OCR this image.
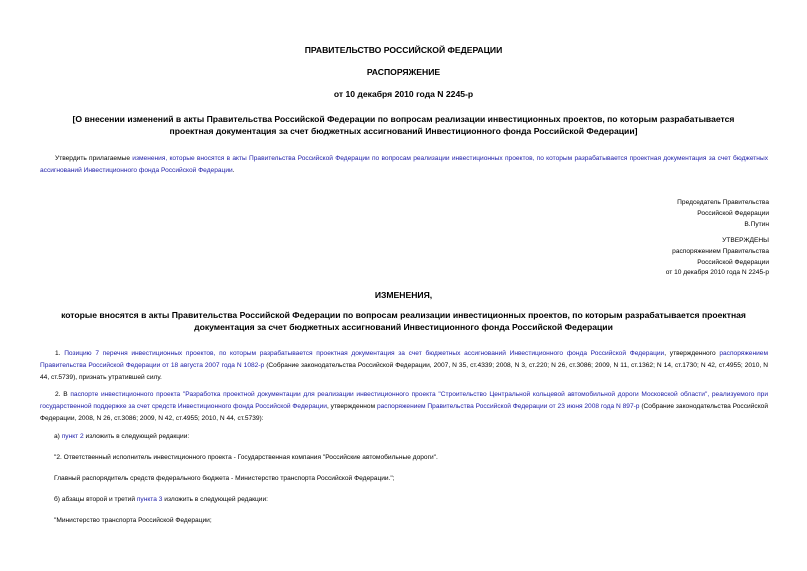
ПРАВИТЕЛЬСТВО РОССИЙСКОЙ ФЕДЕРАЦИИ
РАСПОРЯЖЕНИЕ
от 10 декабря 2010 года N 2245-р
[О внесении изменений в акты Правительства Российской Федерации по вопросам реализации инвестиционных проектов, по которым разрабатывается
проектная документация за счет бюджетных ассигнований Инвестиционного фонда Российской Федерации]
Утвердить прилагаемые изменения, которые вносятся в акты Правительства Российской Федерации по вопросам реализации инвестиционных проектов, по которым разрабатывается проектная документация за счет бюджетных ассигнований Инвестиционного фонда Российской Федерации.
Председатель Правительства
Российской Федерации
В.Путин
УТВЕРЖДЕНЫ
распоряжением Правительства
Российской Федерации
от 10 декабря 2010 года N 2245-р
ИЗМЕНЕНИЯ,
которые вносятся в акты Правительства Российской Федерации по вопросам реализации инвестиционных проектов, по которым разрабатывается проектная
документация за счет бюджетных ассигнований Инвестиционного фонда Российской Федерации
1. Позицию 7 перечня инвестиционных проектов, по которым разрабатывается проектная документация за счет бюджетных ассигнований Инвестиционного фонда Российской Федерации, утвержденного распоряжением Правительства Российской Федерации от 18 августа 2007 года N 1082-р (Собрание законодательства Российской Федерации, 2007, N 35, ст.4339; 2008, N 3, ст.220; N 26, ст.3086; 2009, N 11, ст.1362; N 14, ст.1730; N 42, ст.4955; 2010, N 44, ст.5739), признать утратившей силу.
2. В паспорте инвестиционного проекта "Разработка проектной документации для реализации инвестиционного проекта "Строительство Центральной кольцевой автомобильной дороги Московской области", реализуемого при государственной поддержке за счет средств Инвестиционного фонда Российской Федерации, утвержденном распоряжением Правительства Российской Федерации от 23 июня 2008 года N 897-р (Собрание законодательства Российской Федерации, 2008, N 26, ст.3086; 2009, N 42, ст.4955; 2010, N 44, ст.5739):
а) пункт 2 изложить в следующей редакции:
"2. Ответственный исполнитель инвестиционного проекта - Государственная компания "Российские автомобильные дороги".
Главный распорядитель средств федерального бюджета - Министерство транспорта Российской Федерации.";
б) абзацы второй и третий пункта 3 изложить в следующей редакции:
"Министерство транспорта Российской Федерации;
